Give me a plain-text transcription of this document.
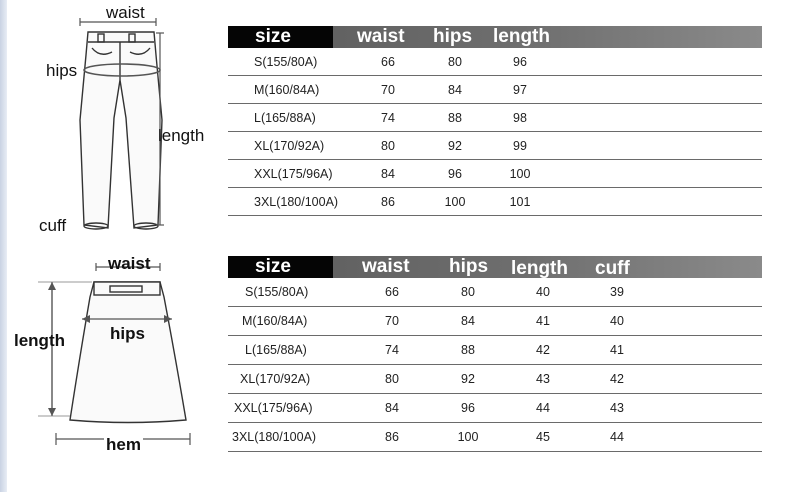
waist
hips
length
cuff
waist
hips
length
hem
size	waist hips length
S(155/80A)	66	80	96
M(160/84A)	70	84	97
L(165/88A)	74	88	98
XL(170/92A)	80	92	99
XXL(175/96A)	84	96	100
3XL(180/100A)	86	100	101
size	waist hips length cuff
S(155/80A)	66	80	40	39
M(160/84A)	70	84	41	40
L(165/88A)	74	88	42	41
XL(170/92A)	80	92	43	42
XXL(175/96A)	84	96	44	43
3XL(180/100A)	86	100	45	44
